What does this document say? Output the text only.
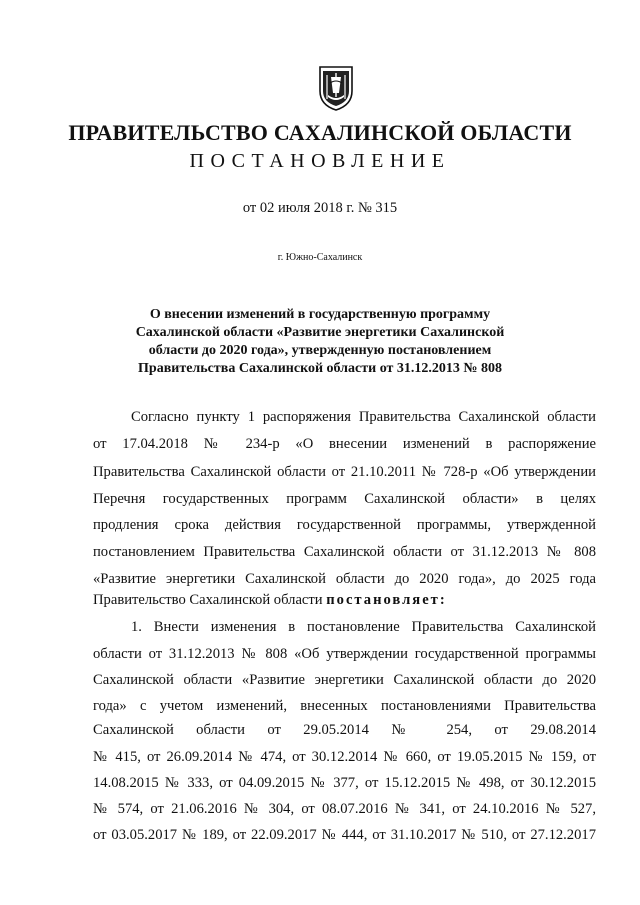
ПРАВИТЕЛЬСТВО САХАЛИНСКОЙ ОБЛАСТИ
ПОСТАНОВЛЕНИЕ
от 02 июля 2018 г. № 315
г. Южно-Сахалинск
О внесении изменений в государственную программу
Сахалинской области «Развитие энергетики Сахалинской
области до 2020 года», утвержденную постановлением
Правительства Сахалинской области от 31.12.2013 № 808
Согласно пункту 1 распоряжения Правительства Сахалинской области
от 17.04.2018 № 234-р «О внесении изменений в распоряжение
Правительства Сахалинской области от 21.10.2011 № 728-р «Об утверждении
Перечня государственных программ Сахалинской области» в целях
продления срока действия государственной программы, утвержденной
постановлением Правительства Сахалинской области от 31.12.2013 № 808
«Развитие энергетики Сахалинской области до 2020 года», до 2025 года
Правительство Сахалинской области постановляет:
1. Внести изменения в постановление Правительства Сахалинской
области от 31.12.2013 № 808 «Об утверждении государственной программы
Сахалинской области «Развитие энергетики Сахалинской области до 2020
года» с учетом изменений, внесенных постановлениями Правительства
Сахалинской области от 29.05.2014 № 254, от 29.08.2014
№ 415, от 26.09.2014 № 474, от 30.12.2014 № 660, от 19.05.2015 № 159, от
14.08.2015 № 333, от 04.09.2015 № 377, от 15.12.2015 № 498, от 30.12.2015
№ 574, от 21.06.2016 № 304, от 08.07.2016 № 341, от 24.10.2016 № 527,
от 03.05.2017 № 189, от 22.09.2017 № 444, от 31.10.2017 № 510, от 27.12.2017
